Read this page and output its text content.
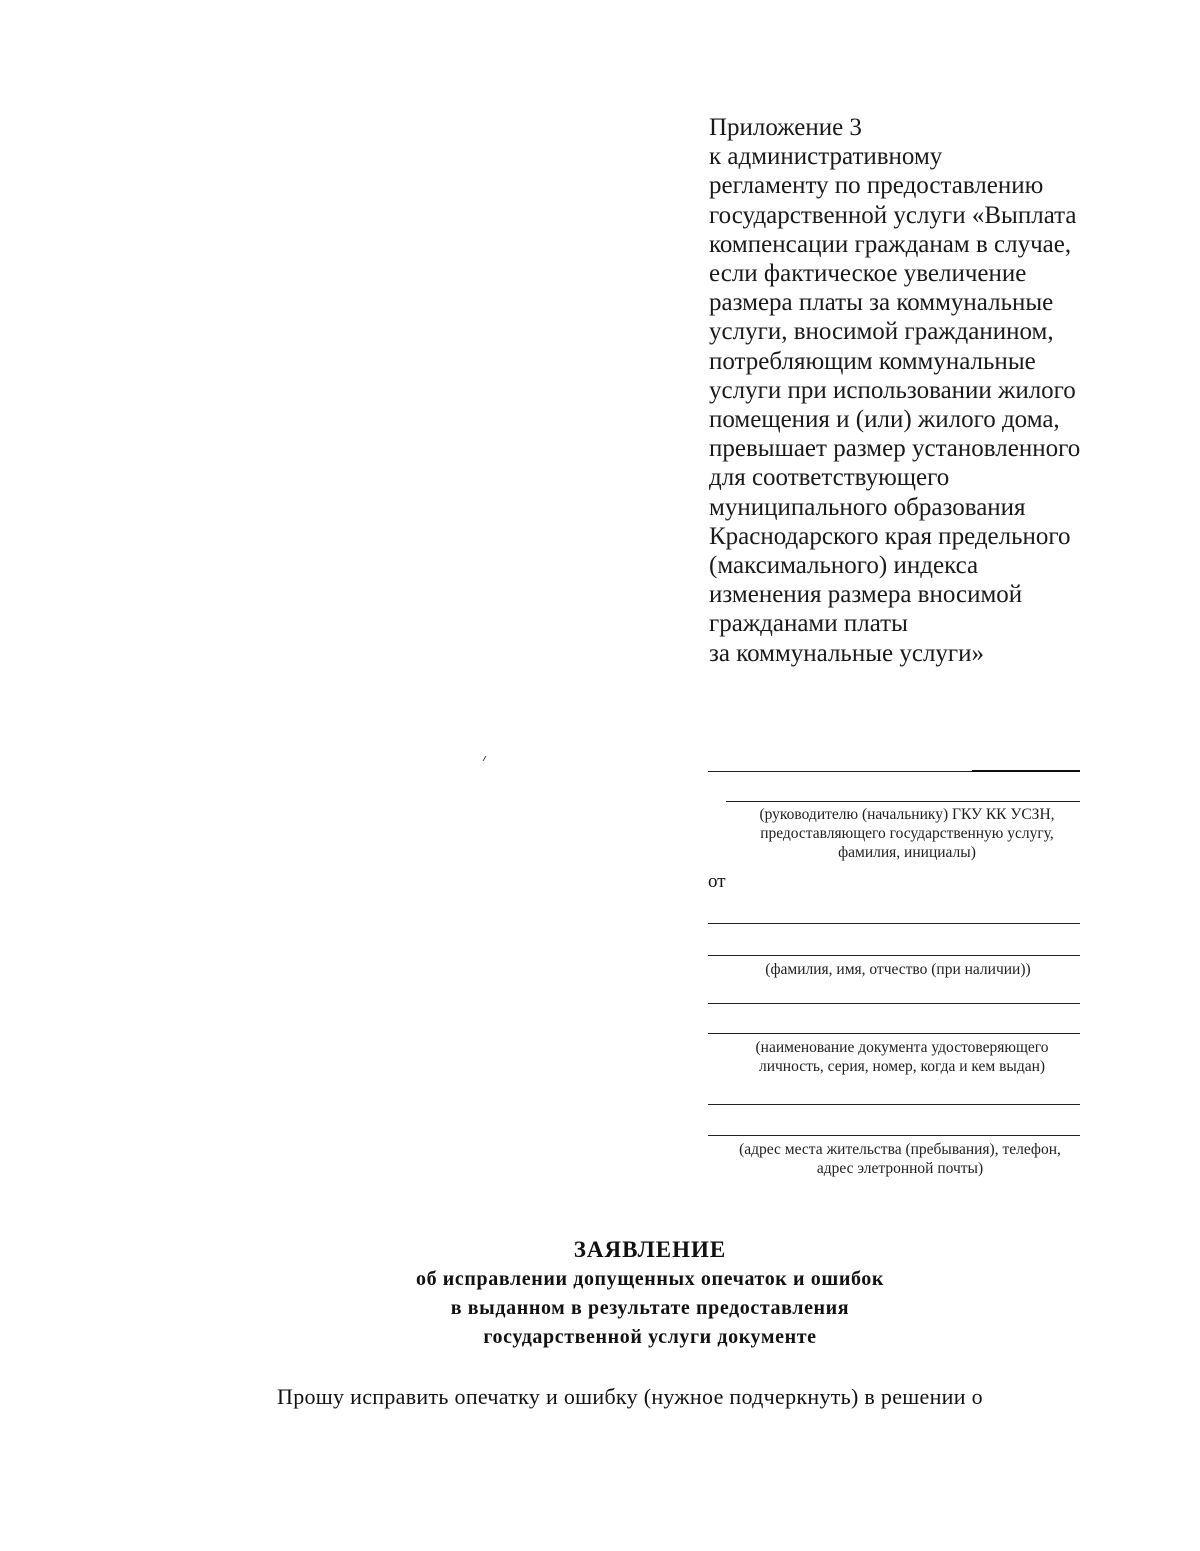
Приложение 3
к административному
регламенту по предоставлению
государственной услуги «Выплата
компенсации гражданам в случае,
если фактическое увеличение
размера платы за коммунальные
услуги, вносимой гражданином,
потребляющим коммунальные
услуги при использовании жилого
помещения и (или) жилого дома,
превышает размер установленного
для соответствующего
муниципального образования
Краснодарского края предельного
(максимального) индекса
изменения размера вносимой
гражданами платы
за коммунальные услуги»
(руководителю (начальнику) ГКУ КК УСЗН,
предоставляющего государственную услугу,
фамилия, инициалы)
от
(фамилия, имя, отчество (при наличии))
(наименование документа удостоверяющего
личность, серия, номер, когда и кем выдан)
(адрес места жительства (пребывания), телефон,
адрес элетронной почты)
ЗАЯВЛЕНИЕ
об исправлении допущенных опечаток и ошибок
в выданном в результате предоставления
государственной услуги документе
Прошу исправить опечатку и ошибку (нужное подчеркнуть) в решении о
